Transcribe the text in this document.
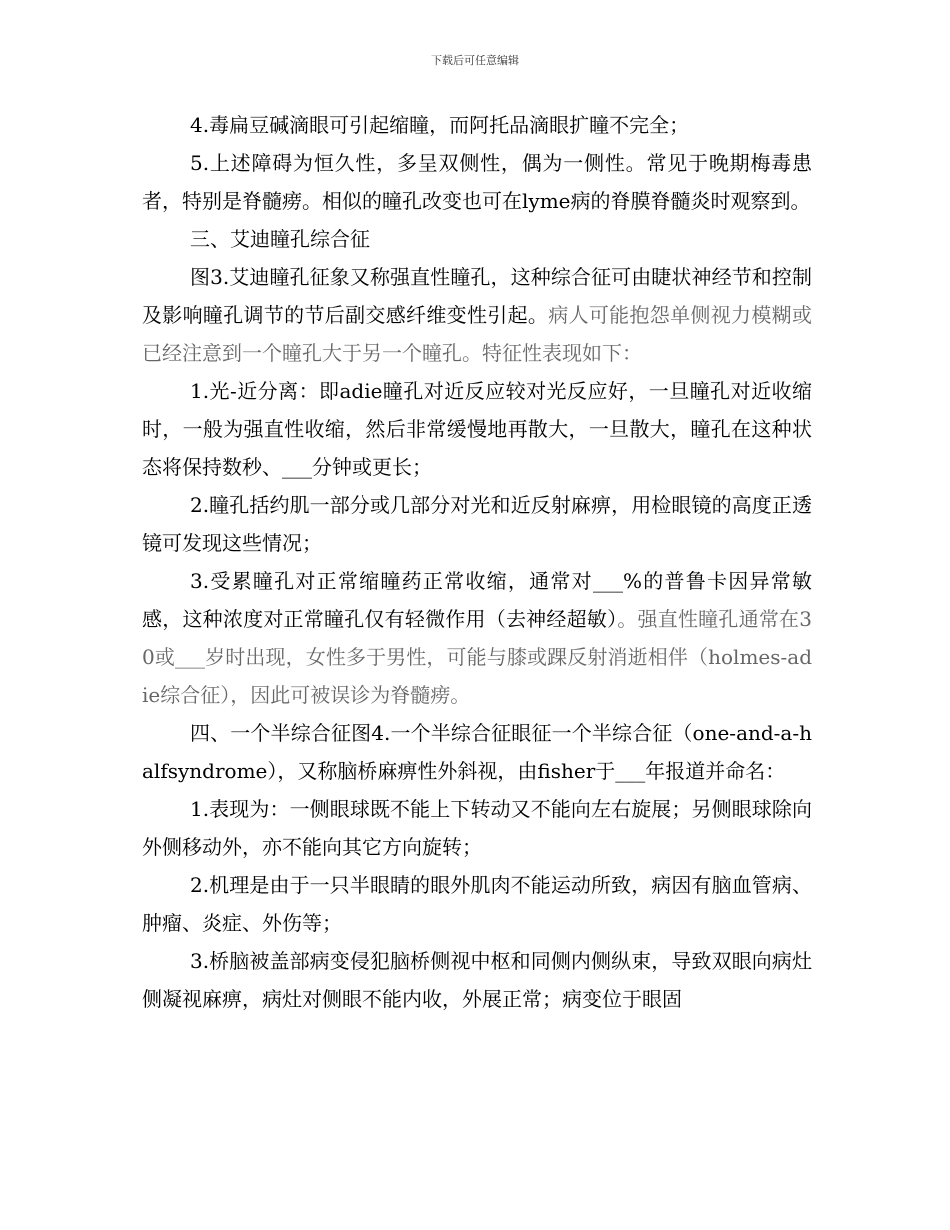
下载后可任意编辑

4.毒扁豆碱滴眼可引起缩瞳，而阿托品滴眼扩瞳不完全；

5.上述障碍为恒久性，多呈双侧性，偶为一侧性。常见于晚期梅毒患者，特别是脊髓痨。相似的瞳孔改变也可在lyme病的脊膜脊髓炎时观察到。

三、艾迪瞳孔综合征

图3.艾迪瞳孔征象又称强直性瞳孔，这种综合征可由睫状神经节和控制及影响瞳孔调节的节后副交感纤维变性引起。病人可能抱怨单侧视力模糊或已经注意到一个瞳孔大于另一个瞳孔。特征性表现如下：

1.光-近分离：即adie瞳孔对近反应较对光反应好，一旦瞳孔对近收缩时，一般为强直性收缩，然后非常缓慢地再散大，一旦散大，瞳孔在这种状态将保持数秒、___分钟或更长；

2.瞳孔括约肌一部分或几部分对光和近反射麻痹，用检眼镜的高度正透镜可发现这些情况；

3.受累瞳孔对正常缩瞳药正常收缩，通常对___%的普鲁卡因异常敏感，这种浓度对正常瞳孔仅有轻微作用（去神经超敏）。强直性瞳孔通常在30或___岁时出现，女性多于男性，可能与膝或踝反射消逝相伴（holmes-adie综合征），因此可被误诊为脊髓痨。

四、一个半综合征图4.一个半综合征眼征一个半综合征（one-and-a-halfsyndrome），又称脑桥麻痹性外斜视，由fisher于___年报道并命名：

1.表现为：一侧眼球既不能上下转动又不能向左右旋展；另侧眼球除向外侧移动外，亦不能向其它方向旋转；

2.机理是由于一只半眼睛的眼外肌肉不能运动所致，病因有脑血管病、肿瘤、炎症、外伤等；

3.桥脑被盖部病变侵犯脑桥侧视中枢和同侧内侧纵束，导致双眼向病灶侧凝视麻痹，病灶对侧眼不能内收，外展正常；病变位于眼固
